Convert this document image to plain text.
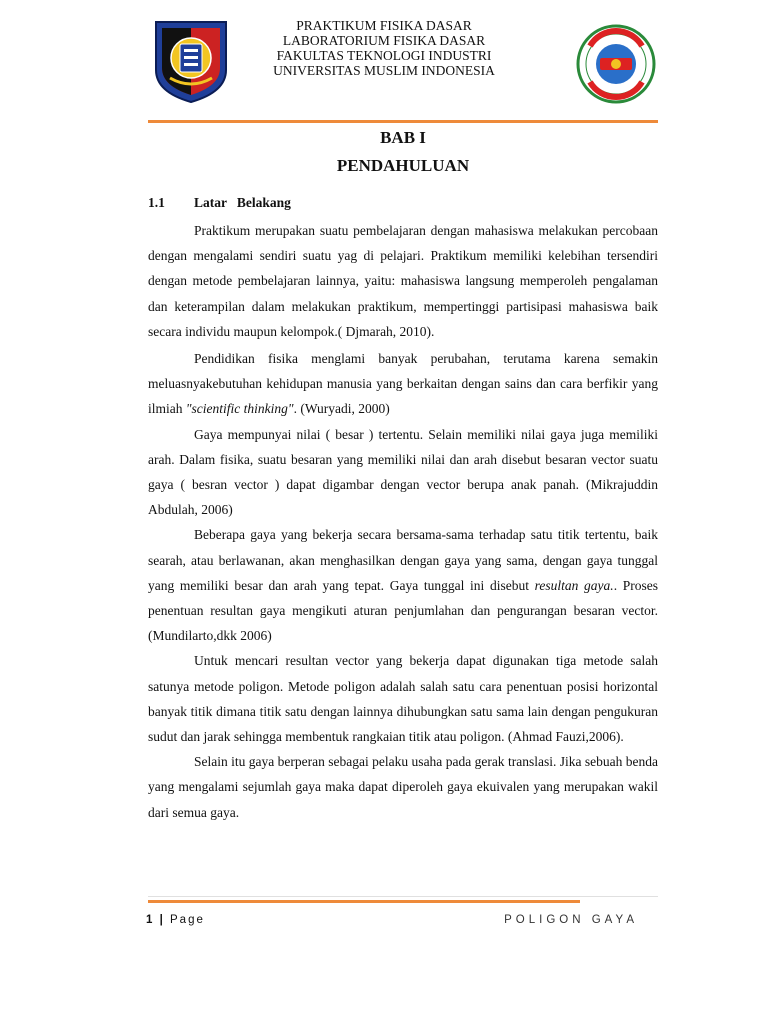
PRAKTIKUM FISIKA DASAR
LABORATORIUM FISIKA DASAR
FAKULTAS TEKNOLOGI INDUSTRI
UNIVERSITAS MUSLIM INDONESIA
BAB I
PENDAHULUAN
1.1 Latar   Belakang

Praktikum merupakan suatu pembelajaran dengan mahasiswa melakukan percobaan dengan mengalami sendiri suatu yag di pelajari. Praktikum memiliki kelebihan tersendiri dengan metode pembelajaran lainnya, yaitu: mahasiswa langsung memperoleh pengalaman dan keterampilan dalam melakukan praktikum, mempertinggi partisipasi mahasiswa baik secara individu maupun kelompok.( Djmarah, 2010).

Pendidikan fisika menglami banyak perubahan, terutama karena semakin meluasnyakebutuhan kehidupan manusia yang berkaitan dengan sains dan cara berfikir yang ilmiah "scientific thinking". (Wuryadi, 2000)

Gaya mempunyai nilai ( besar ) tertentu. Selain memiliki nilai gaya juga memiliki arah. Dalam fisika, suatu besaran yang memiliki nilai dan arah disebut besaran vector suatu gaya ( besran vector ) dapat digambar dengan vector berupa anak panah. (Mikrajuddin Abdulah, 2006)

Beberapa gaya yang bekerja secara bersama-sama terhadap satu titik tertentu, baik searah, atau berlawanan, akan menghasilkan dengan gaya yang sama, dengan gaya tunggal yang memiliki besar dan arah yang tepat. Gaya tunggal ini disebut resultan gaya.. Proses penentuan resultan gaya mengikuti aturan penjumlahan dan pengurangan besaran vector. (Mundilarto,dkk 2006)

Untuk mencari resultan vector yang bekerja dapat digunakan tiga metode salah satunya metode poligon. Metode poligon adalah salah satu cara penentuan posisi horizontal banyak titik dimana titik satu dengan lainnya dihubungkan satu sama lain dengan pengukuran sudut dan jarak sehingga membentuk rangkaian titik atau poligon. (Ahmad Fauzi,2006).

Selain itu gaya berperan sebagai pelaku usaha pada gerak translasi. Jika sebuah benda yang mengalami sejumlah gaya maka dapat diperoleh gaya ekuivalen yang merupakan wakil dari semua gaya.

1 | Page	POLIGON GAYA
